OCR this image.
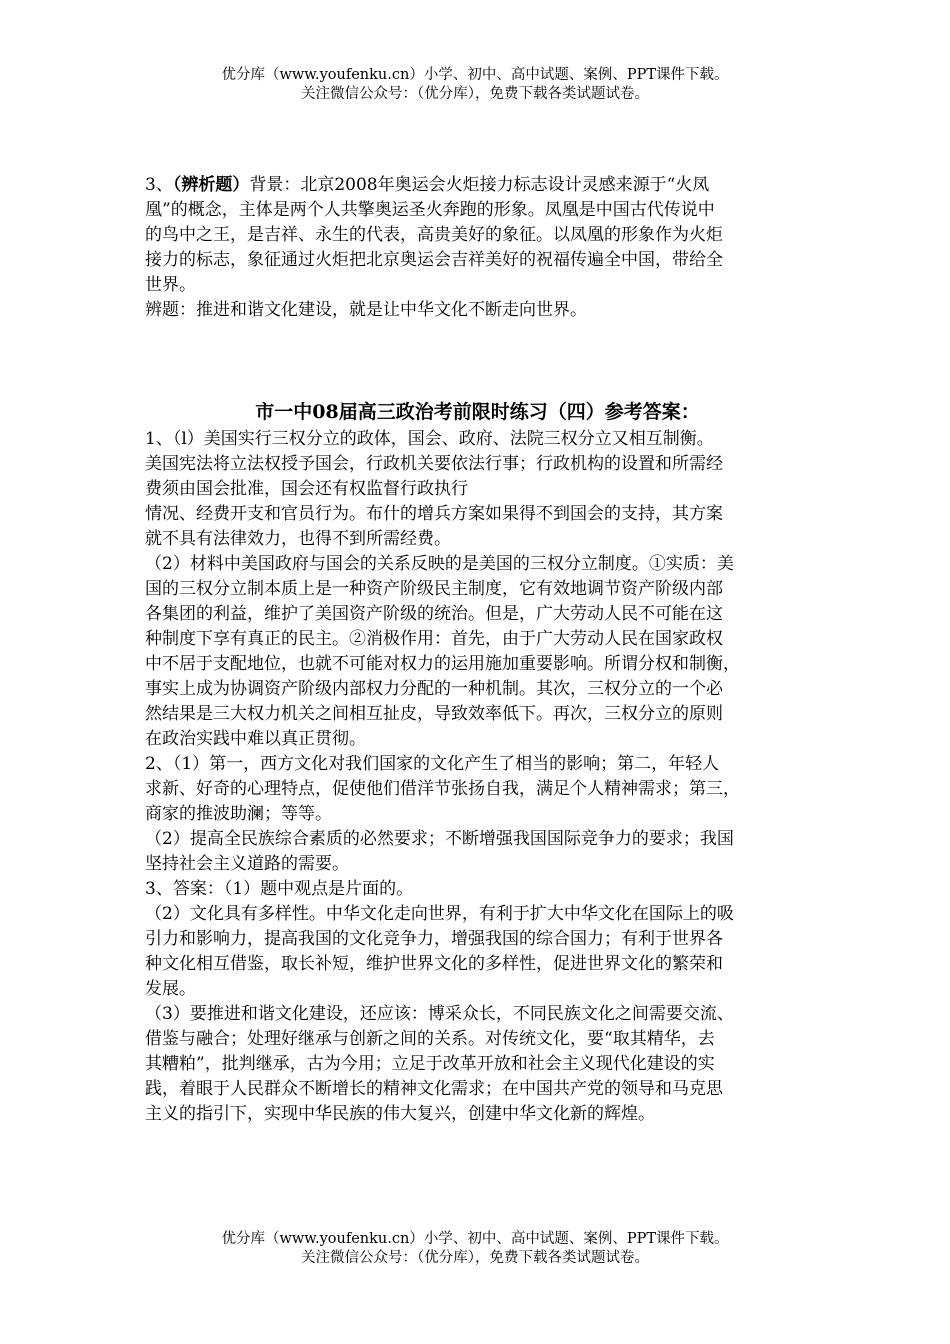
优分库（www.youfenku.cn）小学、初中、高中试题、案例、PPT课件下载。
关注微信公众号：（优分库），免费下载各类试题试卷。
3、（辨析题）背景：北京2008年奥运会火炬接力标志设计灵感来源于“火凤
凰”的概念，主体是两个人共擎奥运圣火奔跑的形象。凤凰是中国古代传说中
的鸟中之王，是吉祥、永生的代表，高贵美好的象征。以凤凰的形象作为火炬
接力的标志，象征通过火炬把北京奥运会吉祥美好的祝福传遍全中国，带给全
世界。
辨题：推进和谐文化建设，就是让中华文化不断走向世界。
市一中08届高三政治考前限时练习（四）参考答案：
1、（l）美国实行三权分立的政体，国会、政府、法院三权分立又相互制衡。
美国宪法将立法权授予国会，行政机关要依法行事；行政机构的设置和所需经
费须由国会批准，国会还有权监督行政执行
情况、经费开支和官员行为。布什的增兵方案如果得不到国会的支持，其方案
就不具有法律效力，也得不到所需经费。
（2）材料中美国政府与国会的关系反映的是美国的三权分立制度。①实质：美
国的三权分立制本质上是一种资产阶级民主制度，它有效地调节资产阶级内部
各集团的利益，维护了美国资产阶级的统治。但是，广大劳动人民不可能在这
种制度下享有真正的民主。②消极作用：首先，由于广大劳动人民在国家政权
中不居于支配地位，也就不可能对权力的运用施加重要影响。所谓分权和制衡，
事实上成为协调资产阶级内部权力分配的一种机制。其次，三权分立的一个必
然结果是三大权力机关之间相互扯皮，导致效率低下。再次，三权分立的原则
在政治实践中难以真正贯彻。
2、（1）第一，西方文化对我们国家的文化产生了相当的影响；第二，年轻人
求新、好奇的心理特点，促使他们借洋节张扬自我，满足个人精神需求；第三，
商家的推波助澜；等等。
（2）提高全民族综合素质的必然要求；不断增强我国国际竞争力的要求；我国
坚持社会主义道路的需要。
3、答案：（1）题中观点是片面的。
（2）文化具有多样性。中华文化走向世界，有利于扩大中华文化在国际上的吸
引力和影响力，提高我国的文化竞争力，增强我国的综合国力；有利于世界各
种文化相互借鉴，取长补短，维护世界文化的多样性，促进世界文化的繁荣和
发展。
（3）要推进和谐文化建设，还应该：博采众长，不同民族文化之间需要交流、
借鉴与融合；处理好继承与创新之间的关系。对传统文化，要“取其精华，去
其糟粕”，批判继承，古为今用；立足于改革开放和社会主义现代化建设的实
践，着眼于人民群众不断增长的精神文化需求；在中国共产党的领导和马克思
主义的指引下，实现中华民族的伟大复兴，创建中华文化新的辉煌。
优分库（www.youfenku.cn）小学、初中、高中试题、案例、PPT课件下载。
关注微信公众号：（优分库），免费下载各类试题试卷。
